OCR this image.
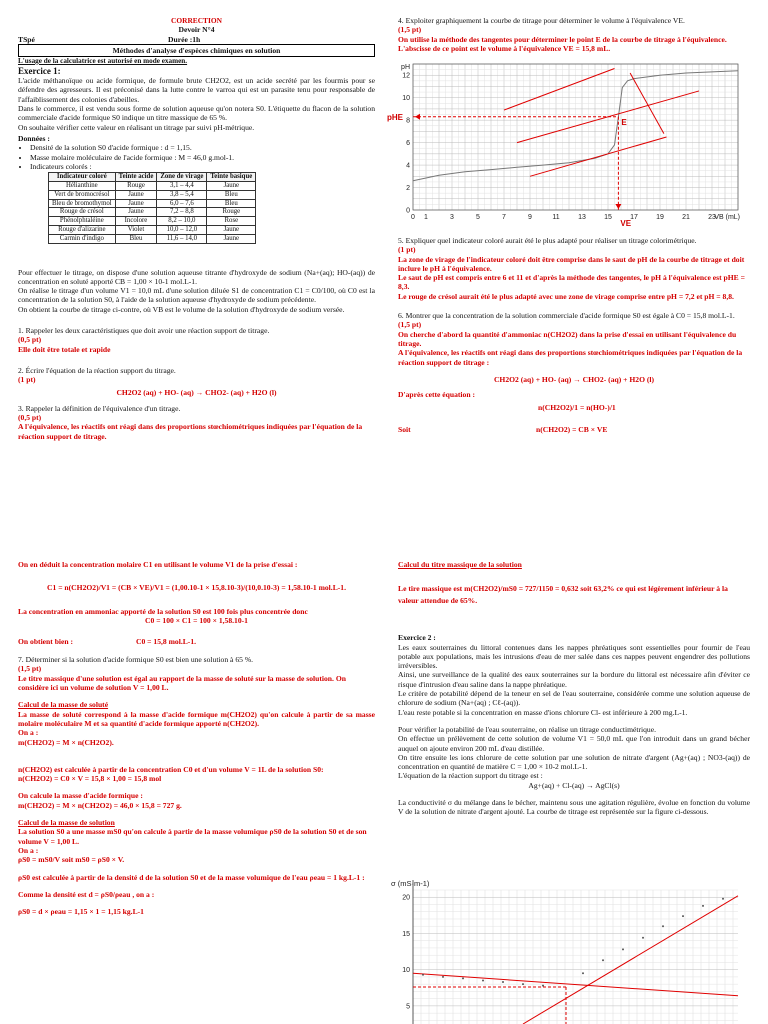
CORRECTION
Devoir N°4
TSpé	Durée :1h
Méthodes d'analyse d'espèces chimiques en solution
L'usage de la calculatrice est autorisé en mode examen.
Exercice 1:
L'acide méthanoïque ou acide formique, de formule brute CH2O2, est un acide secrété par les fourmis pour se défendre des agresseurs. Il est préconisé dans la lutte contre le varroa qui est un parasite tenu pour responsable de l'affaiblissement des colonies d'abeilles.
Dans le commerce, il est vendu sous forme de solution aqueuse qu'on notera S0. L'étiquette du flacon de la solution commerciale d'acide formique S0 indique un titre massique de 65 %.
On souhaite vérifier cette valeur en réalisant un titrage par suivi pH-métrique.
Données :
• Densité de la solution S0 d'acide formique : d = 1,15.
• Masse molaire moléculaire de l'acide formique : M = 46,0 g.mol-1.
• Indicateurs colorés :
Indicateur coloré	Teinte acide	Zone de virage	Teinte basique
Hélianthine	Rouge	3,1 – 4,4	Jaune
Vert de bromocrésol	Jaune	3,8 – 5,4	Bleu
Bleu de bromothymol	Jaune	6,0 – 7,6	Bleu
Rouge de crésol	Jaune	7,2 – 8,8	Rouge
Phénolphtaléine	Incolore	8,2 – 10,0	Rose
Rouge d'alizarine	Violet	10,0 – 12,0	Jaune
Carmin d'indigo	Bleu	11,6 – 14,0	Jaune
Pour effectuer le titrage, on dispose d'une solution aqueuse titrante d'hydroxyde de sodium (Na+(aq); HO-(aq)) de concentration en soluté apporté CB = 1,00 × 10-1 mol.L-1.
On réalise le titrage d'un volume V1 = 10,0 mL d'une solution diluée S1 de concentration C1 = C0/100, où C0 est la concentration de la solution S0, à l'aide de la solution aqueuse d'hydroxyde de sodium précédente.
On obtient la courbe de titrage ci-contre, où VB est le volume de la solution d'hydroxyde de sodium versée.
1. Rappeler les deux caractéristiques que doit avoir une réaction support de titrage.
(0,5 pt)
Elle doit être totale et rapide
2. Écrire l'équation de la réaction support du titrage.
(1 pt)
CH2O2 (aq) + HO- (aq) → CHO2- (aq) + H2O (l)
3. Rappeler la définition de l'équivalence d'un titrage.
(0,5 pt)
A l'équivalence, les réactifs ont réagi dans des proportions stœchiométriques indiquées par l'équation de la réaction support de titrage.
4. Exploiter graphiquement la courbe de titrage pour déterminer le volume à l'équivalence VE.
(1,5 pt)
On utilise la méthode des tangentes pour déterminer le point E de la courbe de titrage à l'équivalence. L'abscisse de ce point est le volume à l'équivalence VE = 15,8 mL.
0 1	3	5	7	9	11	13	15	17	19	21	23
0
2
4
6
8
10
12
pH
VB (mL)
E
pHE
VE
5. Expliquer quel indicateur coloré aurait été le plus adapté pour réaliser un titrage colorimétrique.
(1 pt)
La zone de virage de l'indicateur coloré doit être comprise dans le saut de pH de la courbe de titrage et doit inclure le pH à l'équivalence.
Le saut de pH est compris entre 6 et 11 et d'après la méthode des tangentes, le pH à l'équivalence est pHE = 8,3.
Le rouge de crésol aurait été le plus adapté avec une zone de virage comprise entre pH = 7,2 et pH = 8,8.
6. Montrer que la concentration de la solution commerciale d'acide formique S0 est égale à C0 = 15,8 mol.L-1.
(1,5 pt)
On cherche d'abord la quantité d'ammoniac n(CH2O2) dans la prise d'essai en utilisant l'équivalence du titrage.
A l'équivalence, les réactifs ont réagi dans des proportions stœchiométriques indiquées par l'équation de la réaction support de titrage :
CH2O2 (aq) + HO- (aq) → CHO2- (aq) + H2O (l)
D'après cette équation :
n(CH2O2)/1 = n(HO-)/1
Soit	n(CH2O2) = CB × VE
On en déduit la concentration molaire C1 en utilisant le volume V1 de la prise d'essai :
C1 = n(CH2O2)/V1 = (CB × VE)/V1 = (1,00.10-1 × 15,8.10-3)/(10,0.10-3) = 1,58.10-1 mol.L-1.
La concentration en ammoniac apporté de la solution S0 est 100 fois plus concentrée donc
C0 = 100 × C1 = 100 × 1,58.10-1
On obtient bien :	C0 = 15,8 mol.L-1.
7. Déterminer si la solution d'acide formique S0 est bien une solution à 65 %.
(1,5 pt)
Le titre massique d'une solution est égal au rapport de la masse de soluté sur la masse de solution. On considère ici un volume de solution V = 1,00 L.
Calcul de la masse de soluté
La masse de soluté correspond à la masse d'acide formique m(CH2O2) qu'on calcule à partir de sa masse molaire moléculaire M et sa quantité d'acide formique apporté n(CH2O2).
On a :
m(CH2O2) = M × n(CH2O2).
n(CH2O2) est calculée à partir de la concentration C0 et d'un volume V = 1L de la solution S0:
n(CH2O2) = C0 × V = 15,8 × 1,00 = 15,8 mol
On calcule la masse d'acide formique :
m(CH2O2) = M × n(CH2O2) = 46,0 × 15,8 = 727 g.
Calcul de la masse de solution
La solution S0 a une masse mS0 qu'on calcule à partir de la masse volumique ρS0 de la solution S0 et de son volume V = 1,00 L.
On a :
ρS0 = mS0/V soit mS0 = ρS0 × V.
ρS0 est calculée à partir de la densité d de la solution S0 et de la masse volumique de l'eau ρeau = 1 kg.L-1 :
Comme la densité est d = ρS0/ρeau , on a :
ρS0 = d × ρeau = 1,15 × 1 = 1,15 kg.L-1
Calcul du titre massique de la solution
Le tire massique est m(CH2O2)/mS0 = 727/1150 = 0,632 soit 63,2% ce qui est légèrement inférieur à la valeur attendue de 65%.
Exercice 2 :
Les eaux souterraines du littoral contenues dans les nappes phréatiques sont essentielles pour fournir de l'eau potable aux populations, mais les intrusions d'eau de mer salée dans ces nappes peuvent engendrer des pollutions irréversibles.
Ainsi, une surveillance de la qualité des eaux souterraines sur la bordure du littoral est nécessaire afin d'éviter ce risque d'intrusion d'eau saline dans la nappe phréatique.
Le critère de potabilité dépend de la teneur en sel de l'eau souterraine, considérée comme une solution aqueuse de chlorure de sodium (Na+(aq) ; Cℓ-(aq)).
L'eau reste potable si la concentration en masse d'ions chlorure Cl- est inférieure à 200 mg.L-1.
Pour vérifier la potabilité de l'eau souterraine, on réalise un titrage conductimétrique.
On effectue un prélèvement de cette solution de volume V1 = 50,0 mL que l'on introduit dans un grand bécher auquel on ajoute environ 200 mL d'eau distillée.
On titre ensuite les ions chlorure de cette solution par une solution de nitrate d'argent (Ag+(aq) ; NO3-(aq)) de concentration en quantité de matière C = 1,00 × 10-2 mol.L-1.
L'équation de la réaction support du titrage est :
Ag+(aq) + Cl-(aq) → AgCl(s)
La conductivité σ du mélange dans le bécher, maintenu sous une agitation régulière, évolue en fonction du volume V de la solution de nitrate d'argent ajouté. La courbe de titrage est représentée sur la figure ci-dessous.
σ (mS·m-1)
20
15
10
5
